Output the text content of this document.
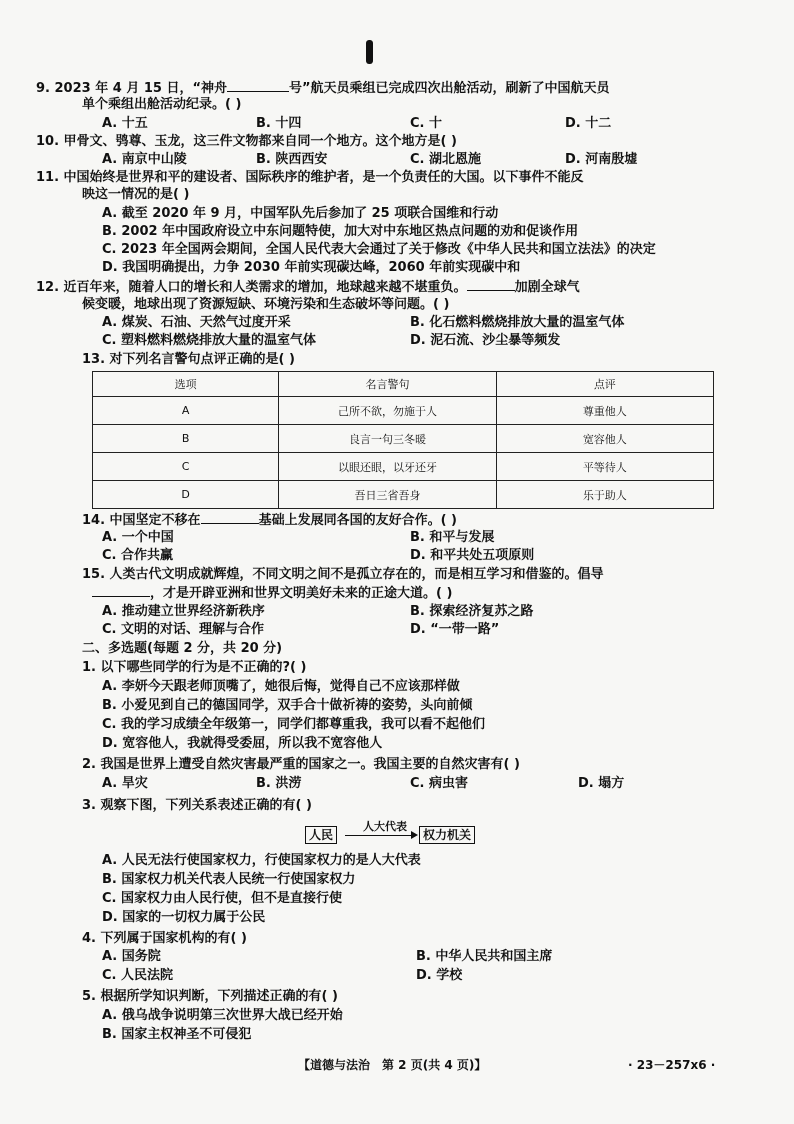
9. 2023 年 4 月 15 日，“神舟	号”航天员乘组已完成四次出舱活动，刷新了中国航天员
单个乘组出舱活动纪录。( )
A. 十五	B. 十四	C. 十	D. 十二
10. 甲骨文、鸮尊、玉龙，这三件文物都来自同一个地方。这个地方是( )
A. 南京中山陵	B. 陕西西安	C. 湖北恩施	D. 河南殷墟
11. 中国始终是世界和平的建设者、国际秩序的维护者，是一个负责任的大国。以下事件不能反
映这一情况的是( )
A. 截至 2020 年 9 月，中国军队先后参加了 25 项联合国维和行动
B. 2002 年中国政府设立中东问题特使，加大对中东地区热点问题的劝和促谈作用
C. 2023 年全国两会期间，全国人民代表大会通过了关于修改《中华人民共和国立法法》的决定
D. 我国明确提出，力争 2030 年前实现碳达峰，2060 年前实现碳中和
12. 近百年来，随着人口的增长和人类需求的增加，地球越来越不堪重负。	加剧全球气
候变暖，地球出现了资源短缺、环境污染和生态破坏等问题。( )
A. 煤炭、石油、天然气过度开采	B. 化石燃料燃烧排放大量的温室气体
C. 塑料燃料燃烧排放大量的温室气体	D. 泥石流、沙尘暴等频发
13. 对下列名言警句点评正确的是( )
选项	名言警句	点评
A	己所不欲，勿施于人	尊重他人
B	良言一句三冬暖	宽容他人
C	以眼还眼，以牙还牙	平等待人
D	吾日三省吾身	乐于助人
14. 中国坚定不移在	基础上发展同各国的友好合作。( )
A. 一个中国	B. 和平与发展
C. 合作共赢	D. 和平共处五项原则
15. 人类古代文明成就辉煌，不同文明之间不是孤立存在的，而是相互学习和借鉴的。倡导
，才是开辟亚洲和世界文明美好未来的正途大道。( )
A. 推动建立世界经济新秩序	B. 探索经济复苏之路
C. 文明的对话、理解与合作	D. “一带一路”
二、多选题(每题 2 分，共 20 分)
1. 以下哪些同学的行为是不正确的?( )
A. 李妍今天跟老师顶嘴了，她很后悔，觉得自己不应该那样做
B. 小爱见到自己的德国同学，双手合十做祈祷的姿势，头向前倾
C. 我的学习成绩全年级第一，同学们都尊重我，我可以看不起他们
D. 宽容他人，我就得受委屈，所以我不宽容他人
2. 我国是世界上遭受自然灾害最严重的国家之一。我国主要的自然灾害有( )
A. 旱灾	B. 洪涝	C. 病虫害	D. 塌方
3. 观察下图，下列关系表述正确的有( )
人民
人大代表
权力机关
A. 人民无法行使国家权力，行使国家权力的是人大代表
B. 国家权力机关代表人民统一行使国家权力
C. 国家权力由人民行使，但不是直接行使
D. 国家的一切权力属于公民
4. 下列属于国家机构的有( )
A. 国务院	B. 中华人民共和国主席
C. 人民法院	D. 学校
5. 根据所学知识判断，下列描述正确的有( )
A. 俄乌战争说明第三次世界大战已经开始
B. 国家主权神圣不可侵犯
【道德与法治　第 2 页(共 4 页)】	· 23－257x6 ·
